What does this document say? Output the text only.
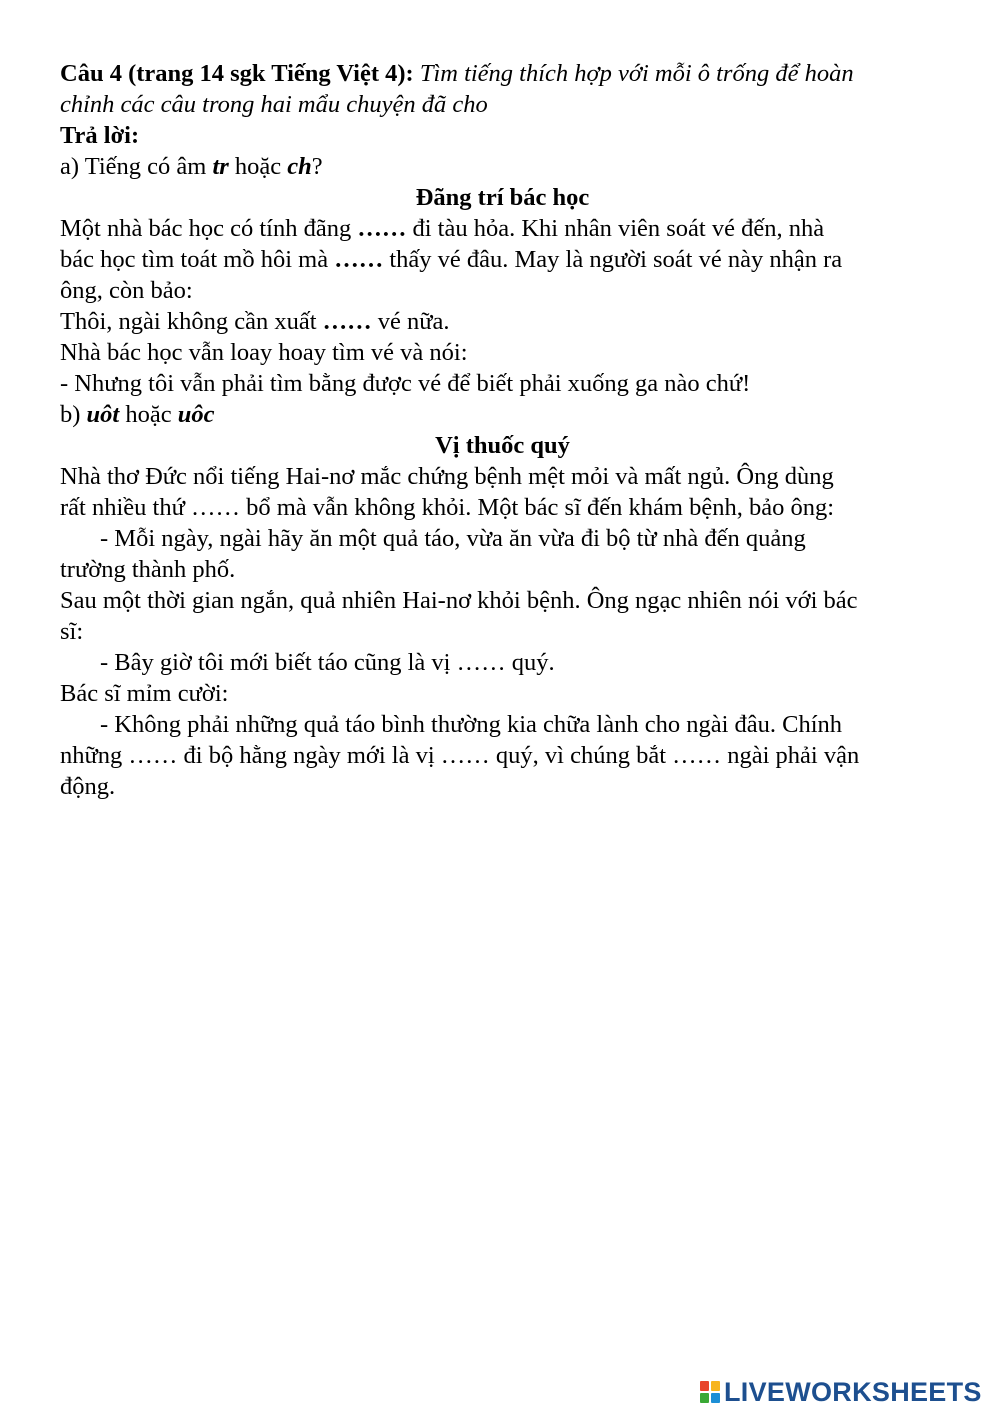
Câu 4 (trang 14 sgk Tiếng Việt 4): Tìm tiếng thích hợp với mỗi ô trống để hoàn
chỉnh các câu trong hai mẩu chuyện đã cho
Trả lời:
a) Tiếng có âm tr hoặc ch?
Đãng trí bác học
Một nhà bác học có tính đãng …… đi tàu hỏa. Khi nhân viên soát vé đến, nhà
bác học tìm toát mồ hôi mà …… thấy vé đâu. May là người soát vé này nhận ra
ông, còn bảo:
Thôi, ngài không cần xuất …… vé nữa.
Nhà bác học vẫn loay hoay tìm vé và nói:
- Nhưng tôi vẫn phải tìm bằng được vé để biết phải xuống ga nào chứ!
b) uôt hoặc uôc
Vị thuốc quý
Nhà thơ Đức nổi tiếng Hai-nơ mắc chứng bệnh mệt mỏi và mất ngủ. Ông dùng
rất nhiều thứ …… bổ mà vẫn không khỏi. Một bác sĩ đến khám bệnh, bảo ông:
- Mỗi ngày, ngài hãy ăn một quả táo, vừa ăn vừa đi bộ từ nhà đến quảng
trường thành phố.
Sau một thời gian ngắn, quả nhiên Hai-nơ khỏi bệnh. Ông ngạc nhiên nói với bác
sĩ:
- Bây giờ tôi mới biết táo cũng là vị …… quý.
Bác sĩ mỉm cười:
- Không phải những quả táo bình thường kia chữa lành cho ngài đâu. Chính
những …… đi bộ hằng ngày mới là vị …… quý, vì chúng bắt …… ngài phải vận
động.
LIVEWORKSHEETS
